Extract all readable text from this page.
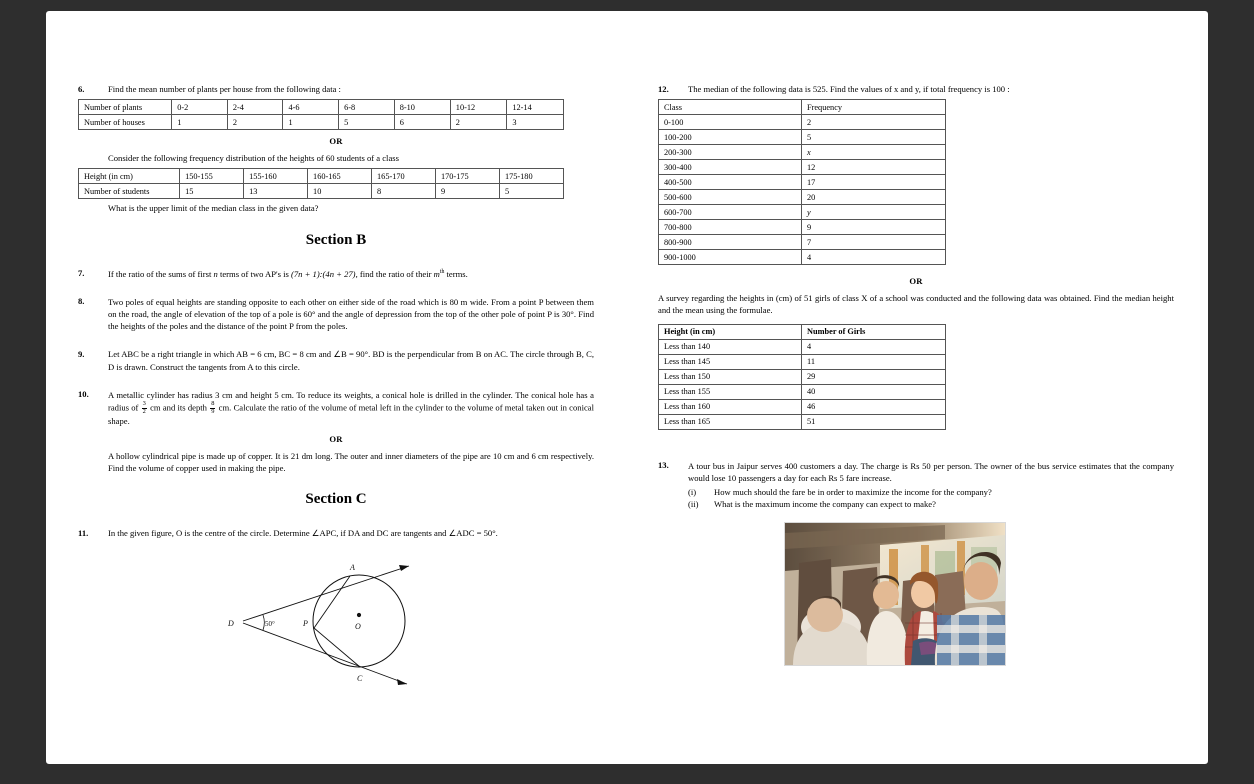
6.	Find the mean number of plants per house from the following data :
Number of plants	0-2	2-4	4-6	6-8	8-10	10-12	12-14
Number of houses	1	2	1	5	6	2	3
OR
Consider the following frequency distribution of the heights of 60 students of a class
Height (in cm)	150-155	155-160	160-165	165-170	170-175	175-180
Number of students	15	13	10	8	9	5
What is the upper limit of the median class in the given data?
Section B
7.	If the ratio of the sums of first n terms of two AP's is (7n + 1):(4n + 27), find the ratio of their $m^{th}$ terms.
8.	Two poles of equal heights are standing opposite to each other on either side of the road which is 80 m wide. From a point P between them on the road, the angle of elevation of the top of a pole is 60° and the angle of depression from the top of the other pole of point P is 30°. Find the heights of the poles and the distance of the point P from the poles.
9.	Let ABC be a right triangle in which AB = 6 cm, BC = 8 cm and ∠B = 90°. BD is the perpendicular from B on AC. The circle through B, C, D is drawn. Construct the tangents from A to this circle.
10.	A metallic cylinder has radius 3 cm and height 5 cm. To reduce its weights, a conical hole is drilled in the cylinder. The conical hole has a radius of $\frac{3}{2}$ cm and its depth $\frac{8}{9}$ cm. Calculate the ratio of the volume of metal left in the cylinder to the volume of metal taken out in conical shape.
OR
A hollow cylindrical pipe is made up of copper. It is 21 dm long. The outer and inner diameters of the pipe are 10 cm and 6 cm respectively. Find the volume of copper used in making the pipe.
Section C
11.	In the given figure, O is the centre of the circle. Determine ∠APC, if DA and DC are tangents and ∠ADC = 50°.
A
C
D	O
P
50°
12.	The median of the following data is 525. Find the values of x and y, if total frequency is 100 :
Class	Frequency
0-100	2
100-200	5
200-300	x
300-400	12
400-500	17
500-600	20
600-700	y
700-800	9
800-900	7
900-1000	4
OR
A survey regarding the heights in (cm) of 51 girls of class X of a school was conducted and the following data was obtained. Find the median height and the mean using the formulae.
Height (in cm)	Number of Girls
Less than 140	4
Less than 145	11
Less than 150	29
Less than 155	40
Less than 160	46
Less than 165	51
13.	A tour bus in Jaipur serves 400 customers a day. The charge is Rs 50 per person. The owner of the bus service estimates that the company would lose 10 passengers a day for each Rs 5 fare increase.
(i)	How much should the fare be in order to maximize the income for the company?
(ii)	What is the maximum income the company can expect to make?
